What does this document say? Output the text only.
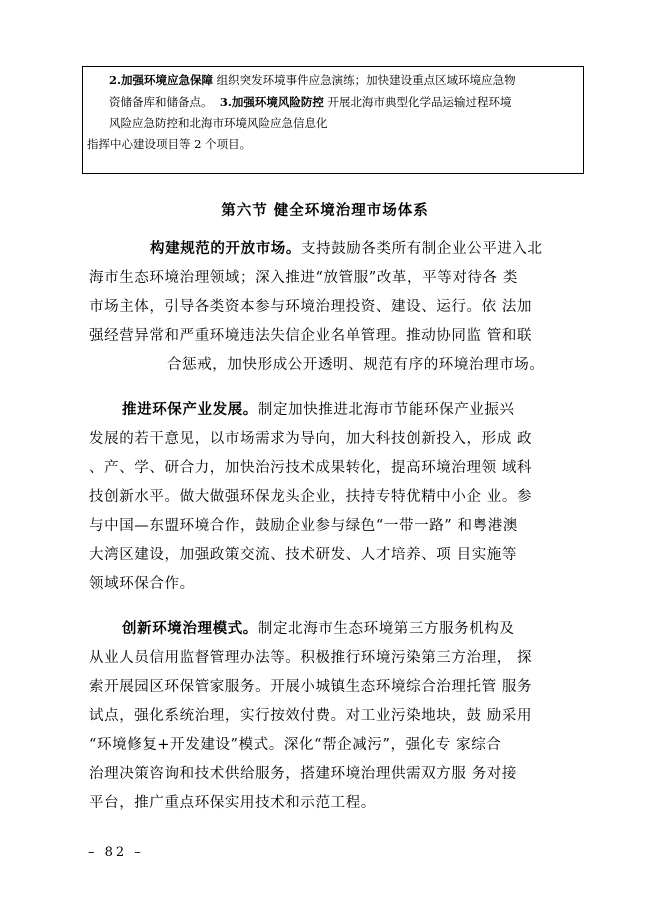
2.加强环境应急保障 组织突发环境事件应急演练；加快建设重点区域环境应急物
资储备库和储备点。 3.加强环境风险防控 开展北海市典型化学品运输过程环境
风险应急防控和北海市环境风险应急信息化
指挥中心建设项目等 2 个项目。
第六节 健全环境治理市场体系
构建规范的开放市场。支持鼓励各类所有制企业公平进入北
海市生态环境治理领域；深入推进“放管服”改革，平等对待各 类
市场主体，引导各类资本参与环境治理投资、建设、运行。依 法加
强经营异常和严重环境违法失信企业名单管理。推动协同监 管和联
合惩戒，加快形成公开透明、规范有序的环境治理市场。
推进环保产业发展。制定加快推进北海市节能环保产业振兴
发展的若干意见，以市场需求为导向，加大科技创新投入，形成 政
、产、学、研合力，加快治污技术成果转化，提高环境治理领 域科
技创新水平。做大做强环保龙头企业，扶持专特优精中小企 业。参
与中国—东盟环境合作，鼓励企业参与绿色“一带一路” 和粤港澳
大湾区建设，加强政策交流、技术研发、人才培养、项 目实施等
领域环保合作。
创新环境治理模式。制定北海市生态环境第三方服务机构及
从业人员信用监督管理办法等。积极推行环境污染第三方治理， 探
索开展园区环保管家服务。开展小城镇生态环境综合治理托管 服务
试点，强化系统治理，实行按效付费。对工业污染地块，鼓 励采用
“环境修复+开发建设”模式。深化“帮企减污”，强化专 家综合
治理决策咨询和技术供给服务，搭建环境治理供需双方服 务对接
平台，推广重点环保实用技术和示范工程。
– 82 –
